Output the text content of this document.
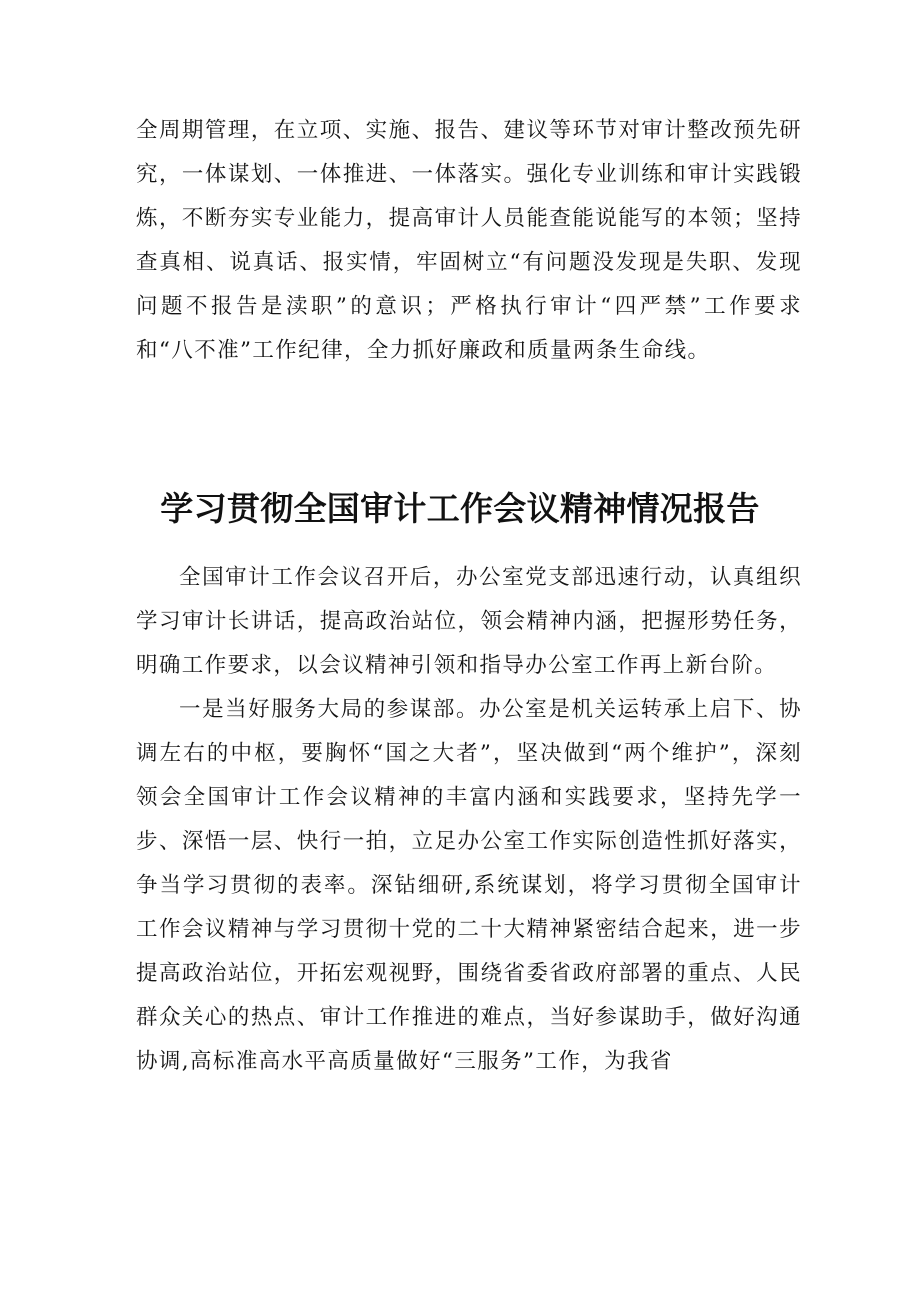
全周期管理，在立项、实施、报告、建议等环节对审计整改预先研究，一体谋划、一体推进、一体落实。强化专业训练和审计实践锻炼，不断夯实专业能力，提高审计人员能查能说能写的本领；坚持查真相、说真话、报实情，牢固树立“有问题没发现是失职、发现问题不报告是渎职”的意识；严格执行审计“四严禁”工作要求和“八不准”工作纪律，全力抓好廉政和质量两条生命线。

学习贯彻全国审计工作会议精神情况报告

全国审计工作会议召开后，办公室党支部迅速行动，认真组织学习审计长讲话，提高政治站位，领会精神内涵，把握形势任务，明确工作要求，以会议精神引领和指导办公室工作再上新台阶。

一是当好服务大局的参谋部。办公室是机关运转承上启下、协调左右的中枢，要胸怀“国之大者”，坚决做到“两个维护”，深刻领会全国审计工作会议精神的丰富内涵和实践要求，坚持先学一步、深悟一层、快行一拍，立足办公室工作实际创造性抓好落实，争当学习贯彻的表率。深钻细研,系统谋划，将学习贯彻全国审计工作会议精神与学习贯彻十党的二十大精神紧密结合起来，进一步提高政治站位，开拓宏观视野，围绕省委省政府部署的重点、人民群众关心的热点、审计工作推进的难点，当好参谋助手，做好沟通协调,高标准高水平高质量做好“三服务”工作，为我省
